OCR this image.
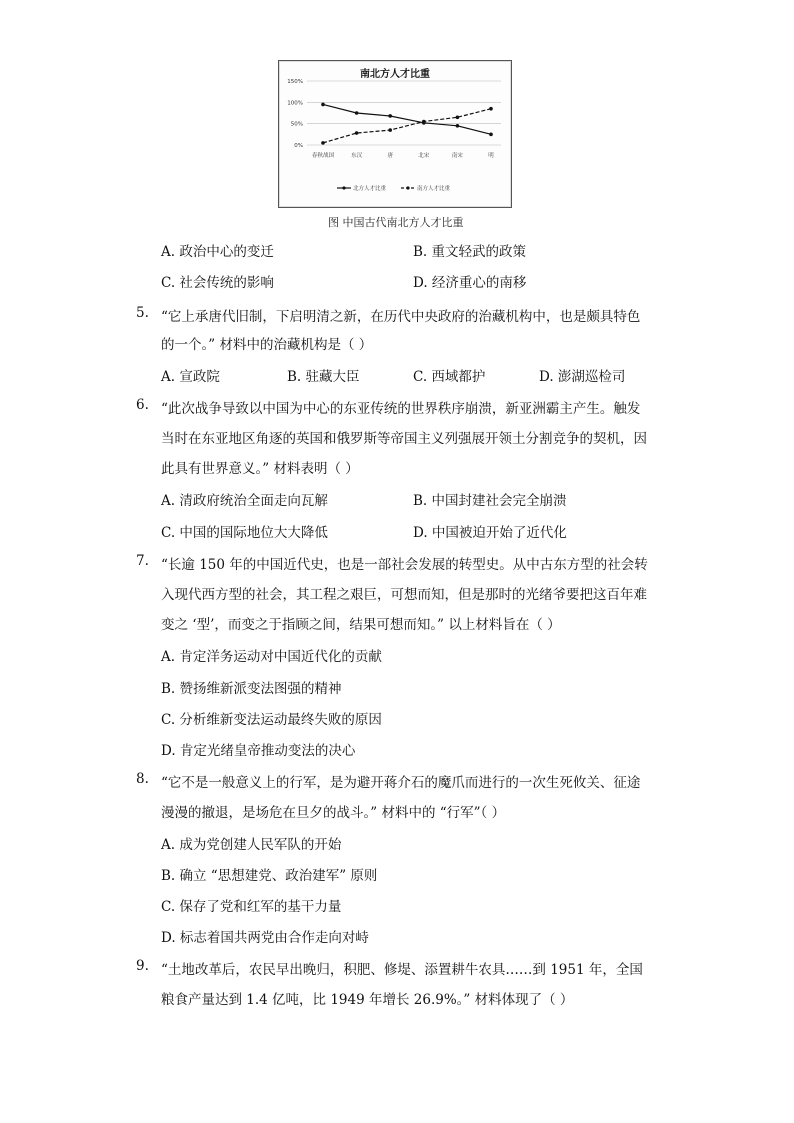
南北方人才比重
150%
100%
50%
0%
春秋战国	东汉	唐	北宋	南宋	明
北方人才比重	南方人才比重
图 中国古代南北方人才比重
A. 政治中心的变迁	B. 重文轻武的政策
C. 社会传统的影响	D. 经济重心的南移
5. “它上承唐代旧制，下启明清之新，在历代中央政府的治藏机构中，也是颇具特色
的一个。” 材料中的治藏机构是（ ）
A. 宣政院	B. 驻藏大臣	C. 西域都护	D. 澎湖巡检司
6. “此次战争导致以中国为中心的东亚传统的世界秩序崩溃，新亚洲霸主产生。触发
当时在东亚地区角逐的英国和俄罗斯等帝国主义列强展开领土分割竞争的契机，因
此具有世界意义。” 材料表明（ ）
A. 清政府统治全面走向瓦解	B. 中国封建社会完全崩溃
C. 中国的国际地位大大降低	D. 中国被迫开始了近代化
7. “长逾 150 年的中国近代史，也是一部社会发展的转型史。从中古东方型的社会转
入现代西方型的社会，其工程之艰巨，可想而知，但是那时的光绪爷要把这百年难
变之 ‘型’，而变之于指顾之间，结果可想而知。” 以上材料旨在（ ）
A. 肯定洋务运动对中国近代化的贡献
B. 赞扬维新派变法图强的精神
C. 分析维新变法运动最终失败的原因
D. 肯定光绪皇帝推动变法的决心
8. “它不是一般意义上的行军，是为避开蒋介石的魔爪而进行的一次生死攸关、征途
漫漫的撤退，是场危在旦夕的战斗。” 材料中的 “行军”（ ）
A. 成为党创建人民军队的开始
B. 确立 “思想建党、政治建军” 原则
C. 保存了党和红军的基干力量
D. 标志着国共两党由合作走向对峙
9. “土地改革后，农民早出晚归，积肥、修堤、添置耕牛农具……到 1951 年，全国
粮食产量达到 1.4 亿吨，比 1949 年增长 26.9%。” 材料体现了（ ）
